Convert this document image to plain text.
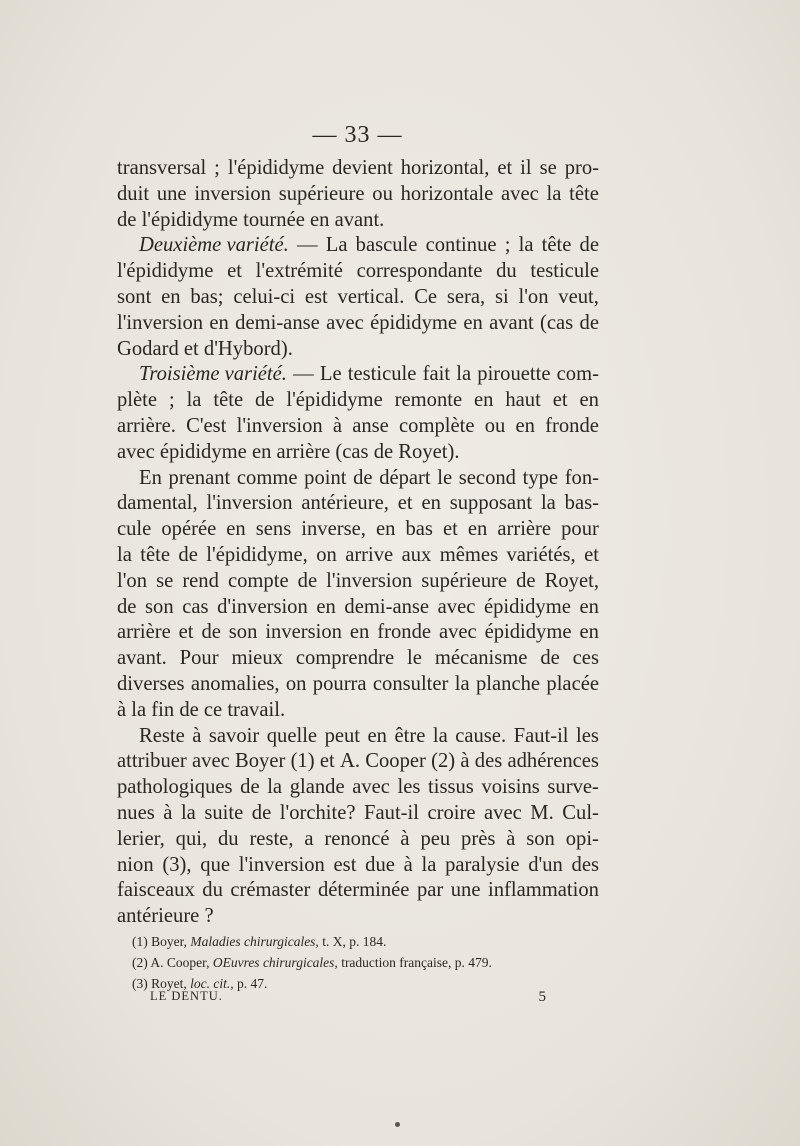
— 33 —
transversal ; l'épididyme devient horizontal, et il se pro-
duit une inversion supérieure ou horizontale avec la tête
de l'épididyme tournée en avant.
Deuxième variété. — La bascule continue ; la tête de
l'épididyme et l'extrémité correspondante du testicule
sont en bas; celui-ci est vertical. Ce sera, si l'on veut,
l'inversion en demi-anse avec épididyme en avant (cas de
Godard et d'Hybord).
Troisième variété. — Le testicule fait la pirouette com-
plète ; la tête de l'épididyme remonte en haut et en
arrière. C'est l'inversion à anse complète ou en fronde
avec épididyme en arrière (cas de Royet).
En prenant comme point de départ le second type fon-
damental, l'inversion antérieure, et en supposant la bas-
cule opérée en sens inverse, en bas et en arrière pour
la tête de l'épididyme, on arrive aux mêmes variétés, et
l'on se rend compte de l'inversion supérieure de Royet,
de son cas d'inversion en demi-anse avec épididyme en
arrière et de son inversion en fronde avec épididyme en
avant. Pour mieux comprendre le mécanisme de ces
diverses anomalies, on pourra consulter la planche placée
à la fin de ce travail.
Reste à savoir quelle peut en être la cause. Faut-il les
attribuer avec Boyer (1) et A. Cooper (2) à des adhérences
pathologiques de la glande avec les tissus voisins surve-
nues à la suite de l'orchite? Faut-il croire avec M. Cul-
lerier, qui, du reste, a renoncé à peu près à son opi-
nion (3), que l'inversion est due à la paralysie d'un des
faisceaux du crémaster déterminée par une inflammation
antérieure ?
(1) Boyer, Maladies chirurgicales, t. X, p. 184.
(2) A. Cooper, OEuvres chirurgicales, traduction française, p. 479.
(3) Royet, loc. cit., p. 47.
LE DENTU.	5
